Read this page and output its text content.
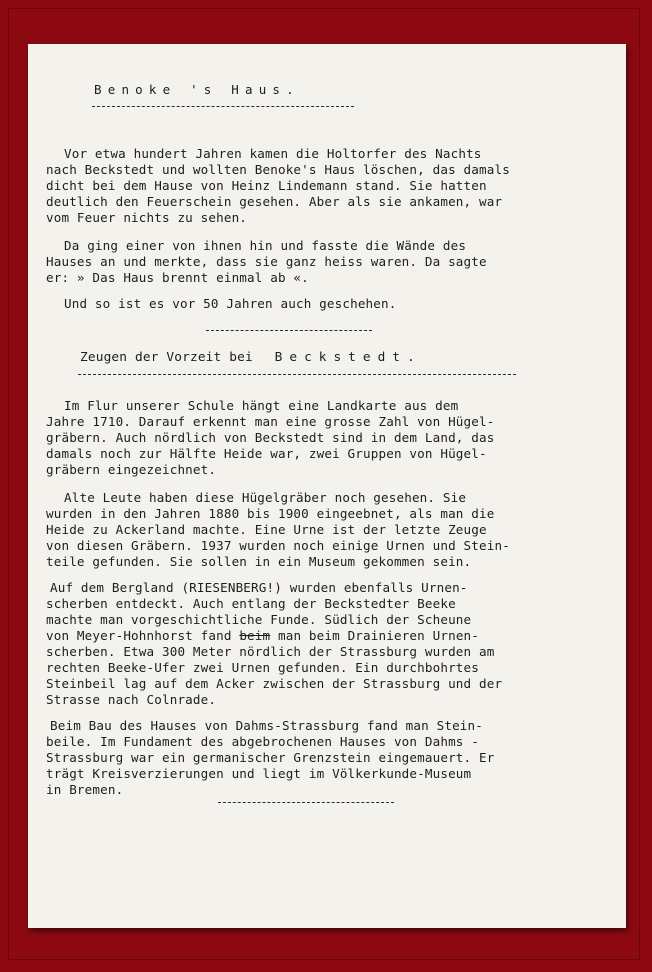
Benoke 's Haus.
Vor etwa hundert Jahren kamen die Holtorfer des Nachts
nach Beckstedt und wollten Benoke's Haus löschen, das damals
dicht bei dem Hause von Heinz Lindemann stand. Sie hatten
deutlich den Feuerschein gesehen. Aber als sie ankamen, war
vom Feuer nichts zu sehen.
Da ging einer von ihnen hin und fasste die Wände des
Hauses an und merkte, dass sie ganz heiss waren. Da sagte
er: » Das Haus brennt einmal ab «.
Und so ist es vor 50 Jahren auch geschehen.
Zeugen der Vorzeit bei Beckstedt.
Im Flur unserer Schule hängt eine Landkarte aus dem
Jahre 1710. Darauf erkennt man eine grosse Zahl von Hügel-
gräbern. Auch nördlich von Beckstedt sind in dem Land, das
damals noch zur Hälfte Heide war, zwei Gruppen von Hügel-
gräbern eingezeichnet.
Alte Leute haben diese Hügelgräber noch gesehen. Sie
wurden in den Jahren 1880 bis 1900 eingeebnet, als man die
Heide zu Ackerland machte. Eine Urne ist der letzte Zeuge
von diesen Gräbern. 1937 wurden noch einige Urnen und Stein-
teile gefunden. Sie sollen in ein Museum gekommen sein.
Auf dem Bergland (RIESENBERG!) wurden ebenfalls Urnen-
scherben entdeckt. Auch entlang der Beckstedter Beeke
machte man vorgeschichtliche Funde. Südlich der Scheune
von Meyer-Hohnhorst fand beim man beim Drainieren Urnen-
scherben. Etwa 300 Meter nördlich der Strassburg wurden am
rechten Beeke-Ufer zwei Urnen gefunden. Ein durchbohrtes
Steinbeil lag auf dem Acker zwischen der Strassburg und der
Strasse nach Colnrade.
Beim Bau des Hauses von Dahms-Strassburg fand man Stein-
beile. Im Fundament des abgebrochenen Hauses von Dahms -
Strassburg war ein germanischer Grenzstein eingemauert. Er
trägt Kreisverzierungen und liegt im Völkerkunde-Museum
in Bremen.
